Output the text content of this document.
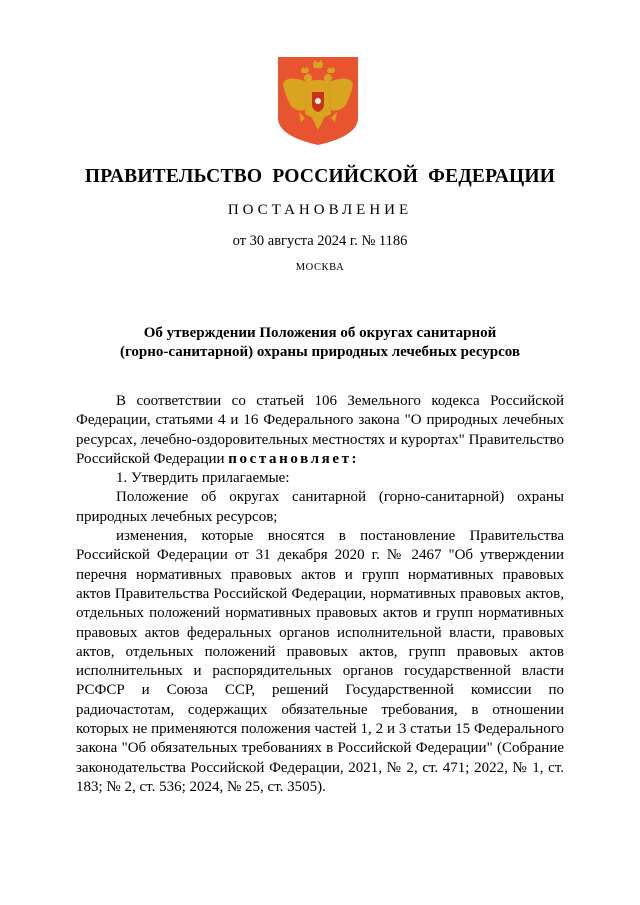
ПРАВИТЕЛЬСТВО РОССИЙСКОЙ ФЕДЕРАЦИИ
ПОСТАНОВЛЕНИЕ
от 30 августа 2024 г. № 1186
МОСКВА
Об утверждении Положения об округах санитарной
(горно-санитарной) охраны природных лечебных ресурсов

В соответствии со статьей 106 Земельного кодекса Российской Федерации, статьями 4 и 16 Федерального закона "О природных лечебных ресурсах, лечебно-оздоровительных местностях и курортах" Правительство Российской Федерации постановляет:

1. Утвердить прилагаемые:

Положение об округах санитарной (горно-санитарной) охраны природных лечебных ресурсов;

изменения, которые вносятся в постановление Правительства Российской Федерации от 31 декабря 2020 г. № 2467 "Об утверждении перечня нормативных правовых актов и групп нормативных правовых актов Правительства Российской Федерации, нормативных правовых актов, отдельных положений нормативных правовых актов и групп нормативных правовых актов федеральных органов исполнительной власти, правовых актов, отдельных положений правовых актов, групп правовых актов исполнительных и распорядительных органов государственной власти РСФСР и Союза ССР, решений Государственной комиссии по радиочастотам, содержащих обязательные требования, в отношении которых не применяются положения частей 1, 2 и 3 статьи 15 Федерального закона "Об обязательных требованиях в Российской Федерации" (Собрание законодательства Российской Федерации, 2021, № 2, ст. 471; 2022, № 1, ст. 183; № 2, ст. 536; 2024, № 25, ст. 3505).
